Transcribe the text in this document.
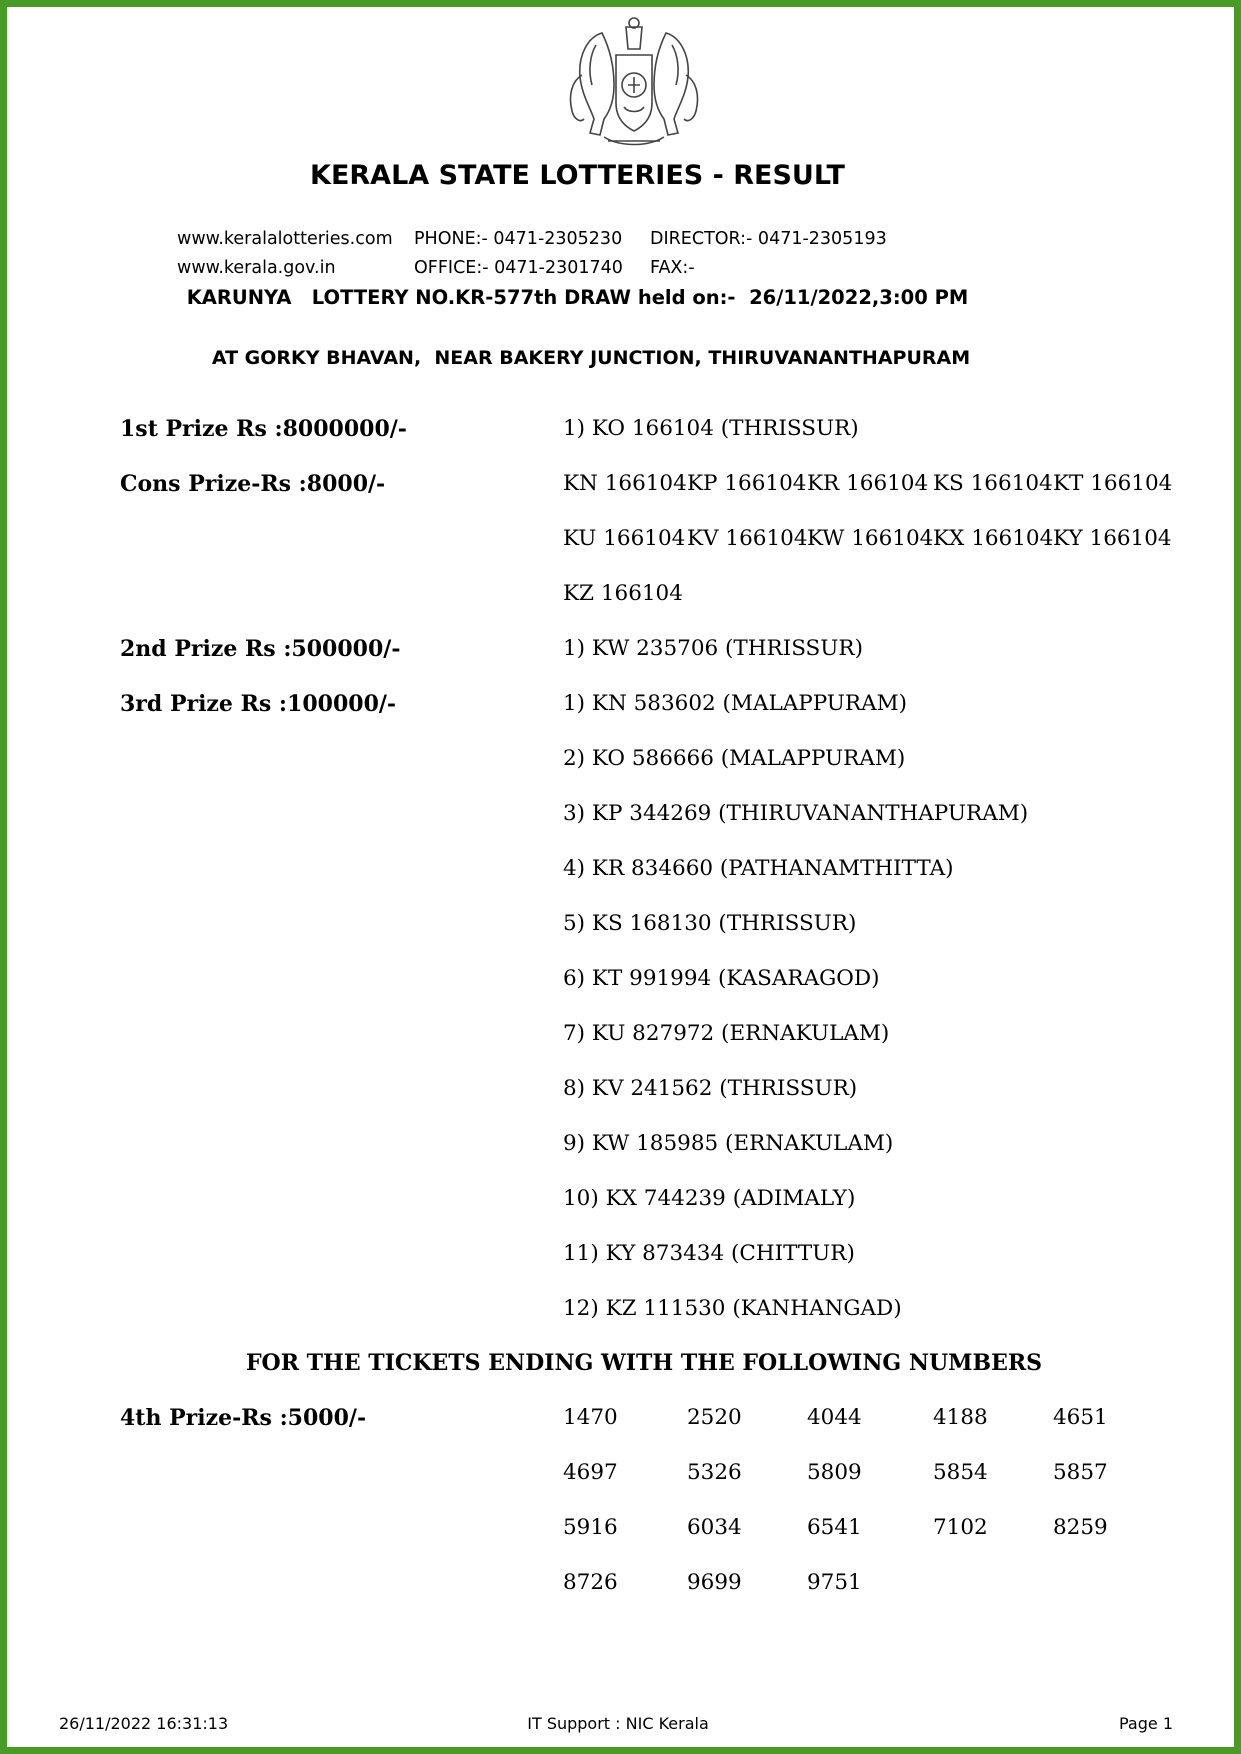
KERALA STATE LOTTERIES - RESULT
www.keralalotteries.com
www.kerala.gov.in
PHONE:- 0471-2305230
OFFICE:- 0471-2301740
DIRECTOR:- 0471-2305193
FAX:-
KARUNYA   LOTTERY NO.KR-577th DRAW held on:-  26/11/2022,3:00 PM
AT GORKY BHAVAN,  NEAR BAKERY JUNCTION, THIRUVANANTHAPURAM
1st Prize Rs :8000000/-	1) KO 166104 (THRISSUR)
Cons Prize-Rs :8000/-	KN 166104 KP 166104 KR 166104 KS 166104 KT 166104
KU 166104 KV 166104 KW 166104 KX 166104 KY 166104
KZ 166104
2nd Prize Rs :500000/-	1) KW 235706 (THRISSUR)
3rd Prize Rs :100000/-	1) KN 583602 (MALAPPURAM)
2) KO 586666 (MALAPPURAM)
3) KP 344269 (THIRUVANANTHAPURAM)
4) KR 834660 (PATHANAMTHITTA)
5) KS 168130 (THRISSUR)
6) KT 991994 (KASARAGOD)
7) KU 827972 (ERNAKULAM)
8) KV 241562 (THRISSUR)
9) KW 185985 (ERNAKULAM)
10) KX 744239 (ADIMALY)
11) KY 873434 (CHITTUR)
12) KZ 111530 (KANHANGAD)
FOR THE TICKETS ENDING WITH THE FOLLOWING NUMBERS
4th Prize-Rs :5000/-	1470	2520	4044	4188	4651
4697	5326	5809	5854	5857
5916	6034	6541	7102	8259
8726	9699	9751
26/11/2022 16:31:13	IT Support : NIC Kerala	Page 1
